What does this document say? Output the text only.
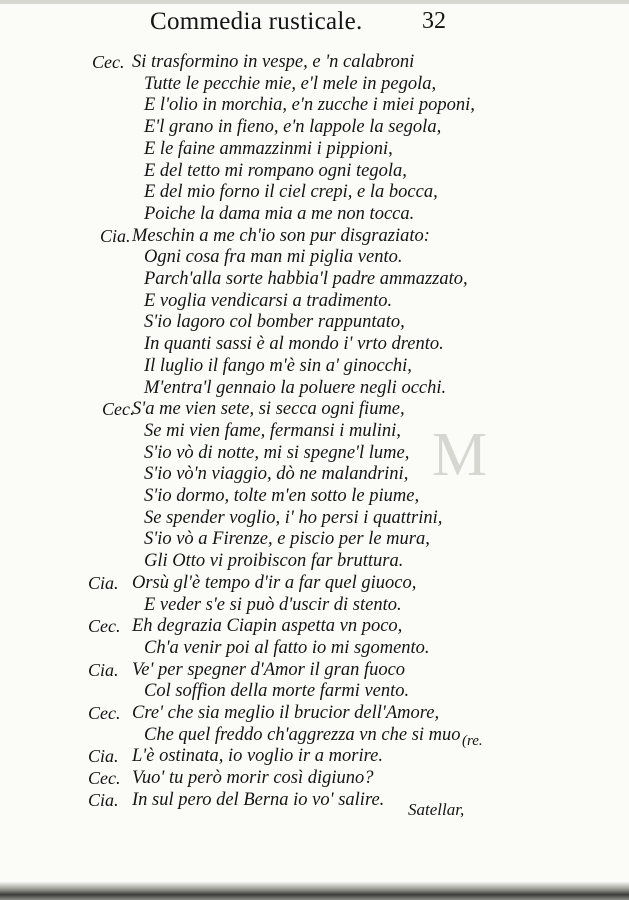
Commedia rusticale. 32
M
Cec. Si trasformino in vespe, e 'n calabroni
Tutte le pecchie mie, e'l mele in pegola,
E l'olio in morchia, e'n zucche i miei poponi,
E'l grano in fieno, e'n lappole la segola,
E le faine ammazzinmi i pippioni,
E del tetto mi rompano ogni tegola,
E del mio forno il ciel crepi, e la bocca,
Poiche la dama mia a me non tocca.
Cia. Meschin a me ch'io son pur disgraziato:
Ogni cosa fra man mi piglia vento.
Parch'alla sorte habbia'l padre ammazzato,
E voglia vendicarsi a tradimento.
S'io lagoro col bomber rappuntato,
In quanti sassi è al mondo i' vrto drento.
Il luglio il fango m'è sin a' ginocchi,
M'entra'l gennaio la poluere negli occhi.
Cec.
S'a me vien sete, si secca ogni fiume,
Se mi vien fame, fermansi i mulini,
S'io vò di notte, mi si spegne'l lume,
S'io vò'n viaggio, dò ne malandrini,
S'io dormo, tolte m'en sotto le piume,
Se spender voglio, i' ho persi i quattrini,
S'io vò a Firenze, e piscio per le mura,
Gli Otto vi proibiscon far bruttura.
Cia. Orsù gl'è tempo d'ir a far quel giuoco,
E veder s'e si può d'uscir di stento.
Cec. Eh degrazia Ciapin aspetta vn poco,
Ch'a venir poi al fatto io mi sgomento.
Cia. Ve' per spegner d'Amor il gran fuoco
Col soffion della morte farmi vento.
Cec. Cre' che sia meglio il brucior dell'Amore,
Che quel freddo ch'aggrezza vn che si muo
Cia. L'è ostinata, io voglio ir a morire.
Cec. Vuo' tu però morir così digiuno?
Cia. In sul pero del Berna io vo' salire.
(re.
Satellar,
